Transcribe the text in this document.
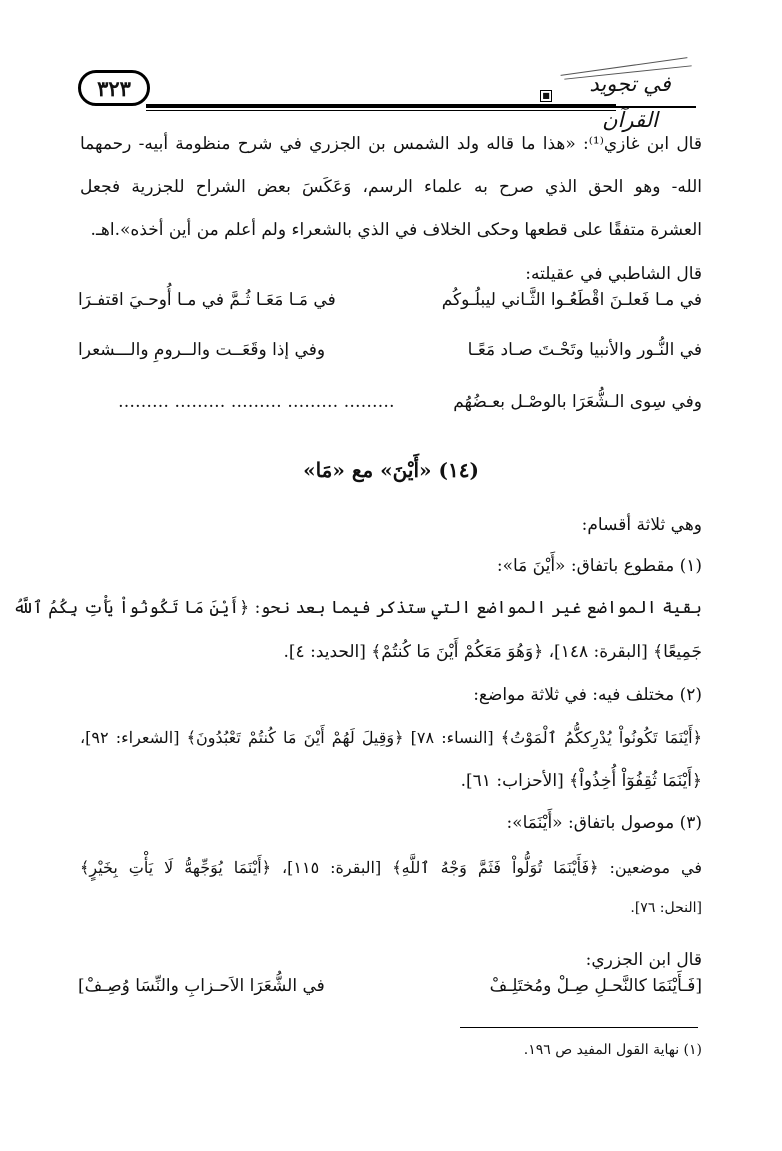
٣٢٣	■	في تجويد القرآن
قال ابن غازي⁽¹⁾: «هذا ما قاله ولد الشمس بن الجزري في شرح منظومة أبيه- رحمهما
الله- وهو الحق الذي صرح به علماء الرسم، وَعَكَسَ بعض الشراح للجزرية فجعل
العشرة متفقًا على قطعها وحكى الخلاف في الذي بالشعراء ولم أعلم من أين أخذه».اهـ.
قال الشاطبي في عقيلته:
في مـا فَعلـنَ اقْطَعُـوا الثَّـاني ليبلُـوكُم
في مَـا مَعَـا ثُـمَّ في مـا أُوحـيَ اقتفـرَا
في النُّـور والأنبيا وتَحْـتَ صـاد مَعًـا
وفي إذا وقَعَــت والــرومِ والـــشعرا
وفي سِوى الـشُّعَرَا بالوصْـل بعـضُهُم
……… ……… ……… ……… ………
(١٤) «أَيْنَ» مع «مَا»
وهي ثلاثة أقسام:
(١) مقطوع باتفاق: «أَيْنَ مَا»:
بقية المواضع غير المواضع التي ستذكر فيما بعد نحو: ﴿أَيْنَ مَا تَكُونُواْ يَأْتِ بِكُمُ ٱللَّهُ
جَمِيعًا﴾ [البقرة: ١٤٨]، ﴿وَهُوَ مَعَكُمْ أَيْنَ مَا كُنتُمْ﴾ [الحديد: ٤].
(٢) مختلف فيه: في ثلاثة مواضع:
﴿أَيْنَمَا تَكُونُواْ يُدْرِككُّمُ ٱلْمَوْتُ﴾ [النساء: ٧٨] ﴿وَقِيلَ لَهُمْ أَيْنَ مَا كُنتُمْ تَعْبُدُونَ﴾ [الشعراء: ٩٢]،
﴿أَيْنَمَا ثُقِفُوٓاْ أُخِذُواْ﴾ [الأحزاب: ٦١].
(٣) موصول باتفاق: «أَيْنَمَا»:
في موضعين: ﴿فَأَيْنَمَا تُوَلُّواْ فَثَمَّ وَجْهُ ٱللَّهِ﴾ [البقرة: ١١٥]، ﴿أَيْنَمَا يُوَجِّههُّ لَا يَأْتِ بِخَيْرٍ﴾
[النحل: ٧٦].
قال ابن الجزري:
[فَـأَيْنَمَا كالنَّحـلِ صِـلْ ومُختَلِـفْ
في الشُّعَرَا الاَحـزابِ والنِّسَا وُصِـفْ]
(١) نهاية القول المفيد ص ١٩٦.
